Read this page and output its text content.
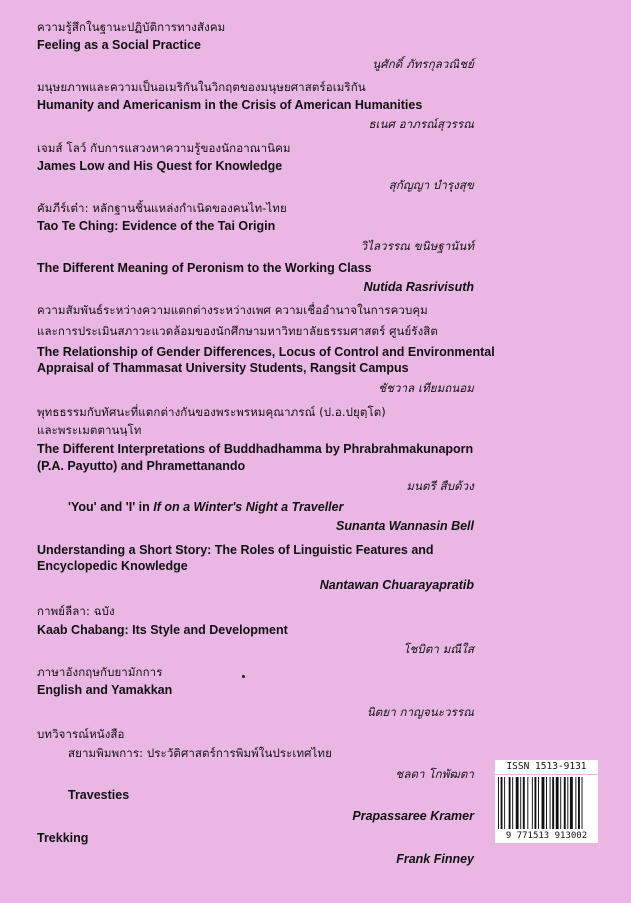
ความรู้สึกในฐานะปฏิบัติการทางสังคม
Feeling as a Social Practice
นูศักดิ์ ภัทรกุลวณิชย์
มนุษยภาพและความเป็นอเมริกันในวิกฤตของมนุษยศาสตร์อเมริกัน
Humanity and Americanism in the Crisis of American Humanities
ธเนศ อาภรณ์สุวรรณ
เจมส์ โลว์ กับการแสวงหาความรู้ของนักอาณานิคม
James Low and His Quest for Knowledge
สุกัญญา บำรุงสุข
คัมภีร์เต๋า: หลักฐานชิ้นแหล่งกำเนิดของคนไท-ไทย
Tao Te Ching: Evidence of the Tai Origin
วิไลวรรณ ขนิษฐานันท์
The Different Meaning of Peronism to the Working Class
Nutida Rasrivisuth
ความสัมพันธ์ระหว่างความแตกต่างระหว่างเพศ ความเชื่ออำนาจในการควบคุม
และการประเมินสภาวะแวดล้อมของนักศึกษามหาวิทยาลัยธรรมศาสตร์ ศูนย์รังสิต
The Relationship of Gender Differences, Locus of Control and Environmental
Appraisal of Thammasat University Students, Rangsit Campus
ชัชวาล เทียมถนอม
พุทธธรรมกับทัศนะที่แตกต่างกันของพระพรหมคุณาภรณ์ (ป.อ.ปยุตฺโต)
และพระเมตตานนฺโท
The Different Interpretations of Buddhadhamma by Phrabrahmakunaporn
(P.A. Payutto) and Phramettanando
มนตรี สืบด้วง
'You' and 'I' in If on a Winter's Night a Traveller
Sunanta Wannasin Bell
Understanding a Short Story: The Roles of Linguistic Features and
Encyclopedic Knowledge
Nantawan Chuarayapratib
กาพย์ลีลา: ฉบัง
Kaab Chabang: Its Style and Development
โชบิตา มณีใส
ภาษาอังกฤษกับยามักการ
English and Yamakkan
นิตยา กาญจนะวรรณ
บทวิจารณ์หนังสือ
สยามพิมพการ: ประวัติศาสตร์การพิมพ์ในประเทศไทย
ชลดา โกพัฒตา
Travesties
Prapassaree Kramer
Trekking
Frank Finney
ISSN 1513-9131
9 771513 913002
